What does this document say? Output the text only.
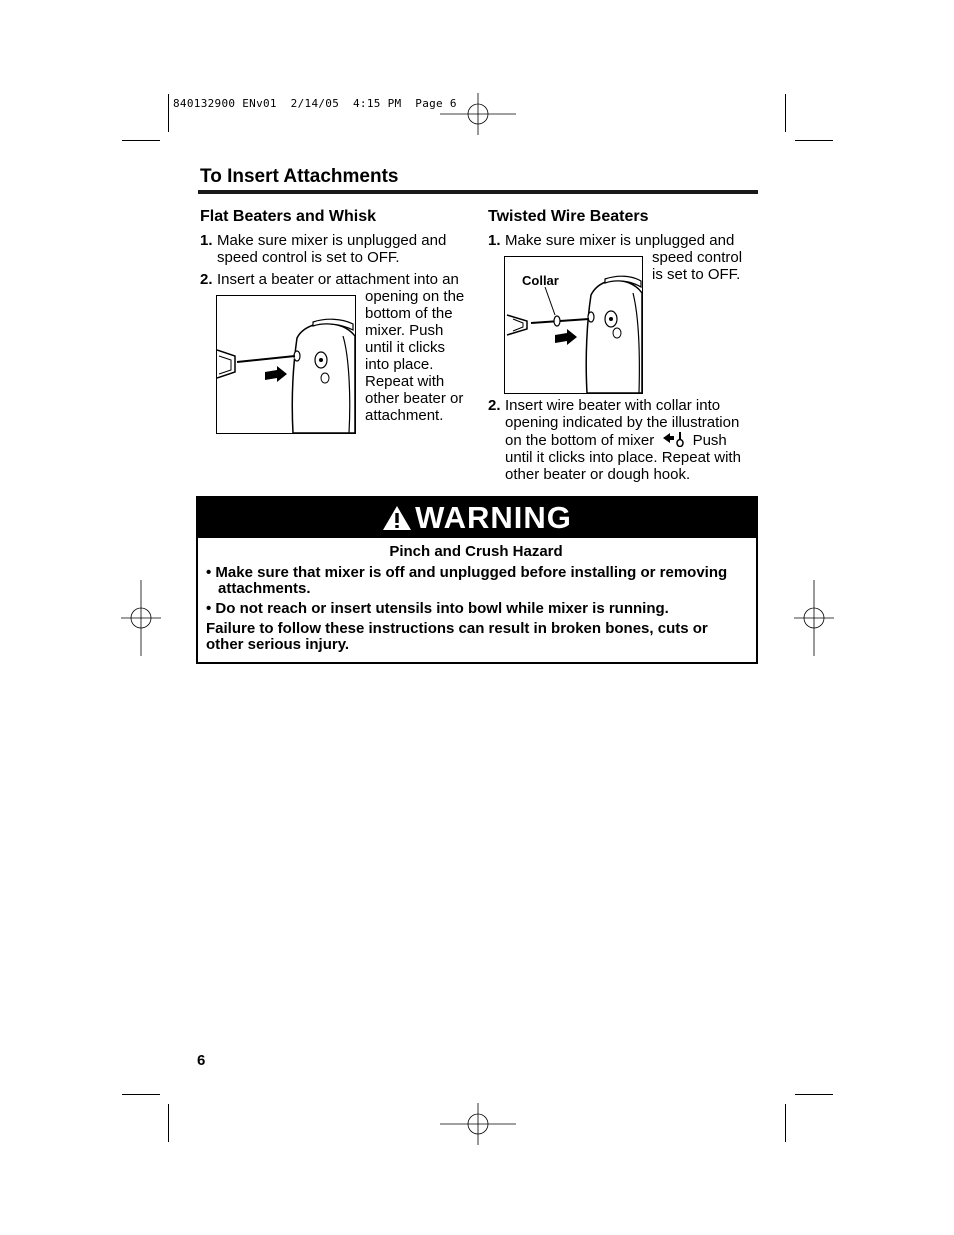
840132900 ENv01  2/14/05  4:15 PM  Page 6
To Insert Attachments
Flat Beaters and Whisk
1. Make sure mixer is unplugged and
speed control is set to OFF.
2. Insert a beater or attachment into an
opening on the
bottom of the
mixer. Push
until it clicks
into place.
Repeat with
other beater or
attachment.
Twisted Wire Beaters
1. Make sure mixer is unplugged and
speed control
is set to OFF.
Collar
2. Insert wire beater with collar into
opening indicated by the illustration
on the bottom of mixer  Push
until it clicks into place. Repeat with
other beater or dough hook.
WARNING
Pinch and Crush Hazard
• Make sure that mixer is off and unplugged before installing or removing
attachments.
• Do not reach or insert utensils into bowl while mixer is running.
Failure to follow these instructions can result in broken bones, cuts or
other serious injury.
6
